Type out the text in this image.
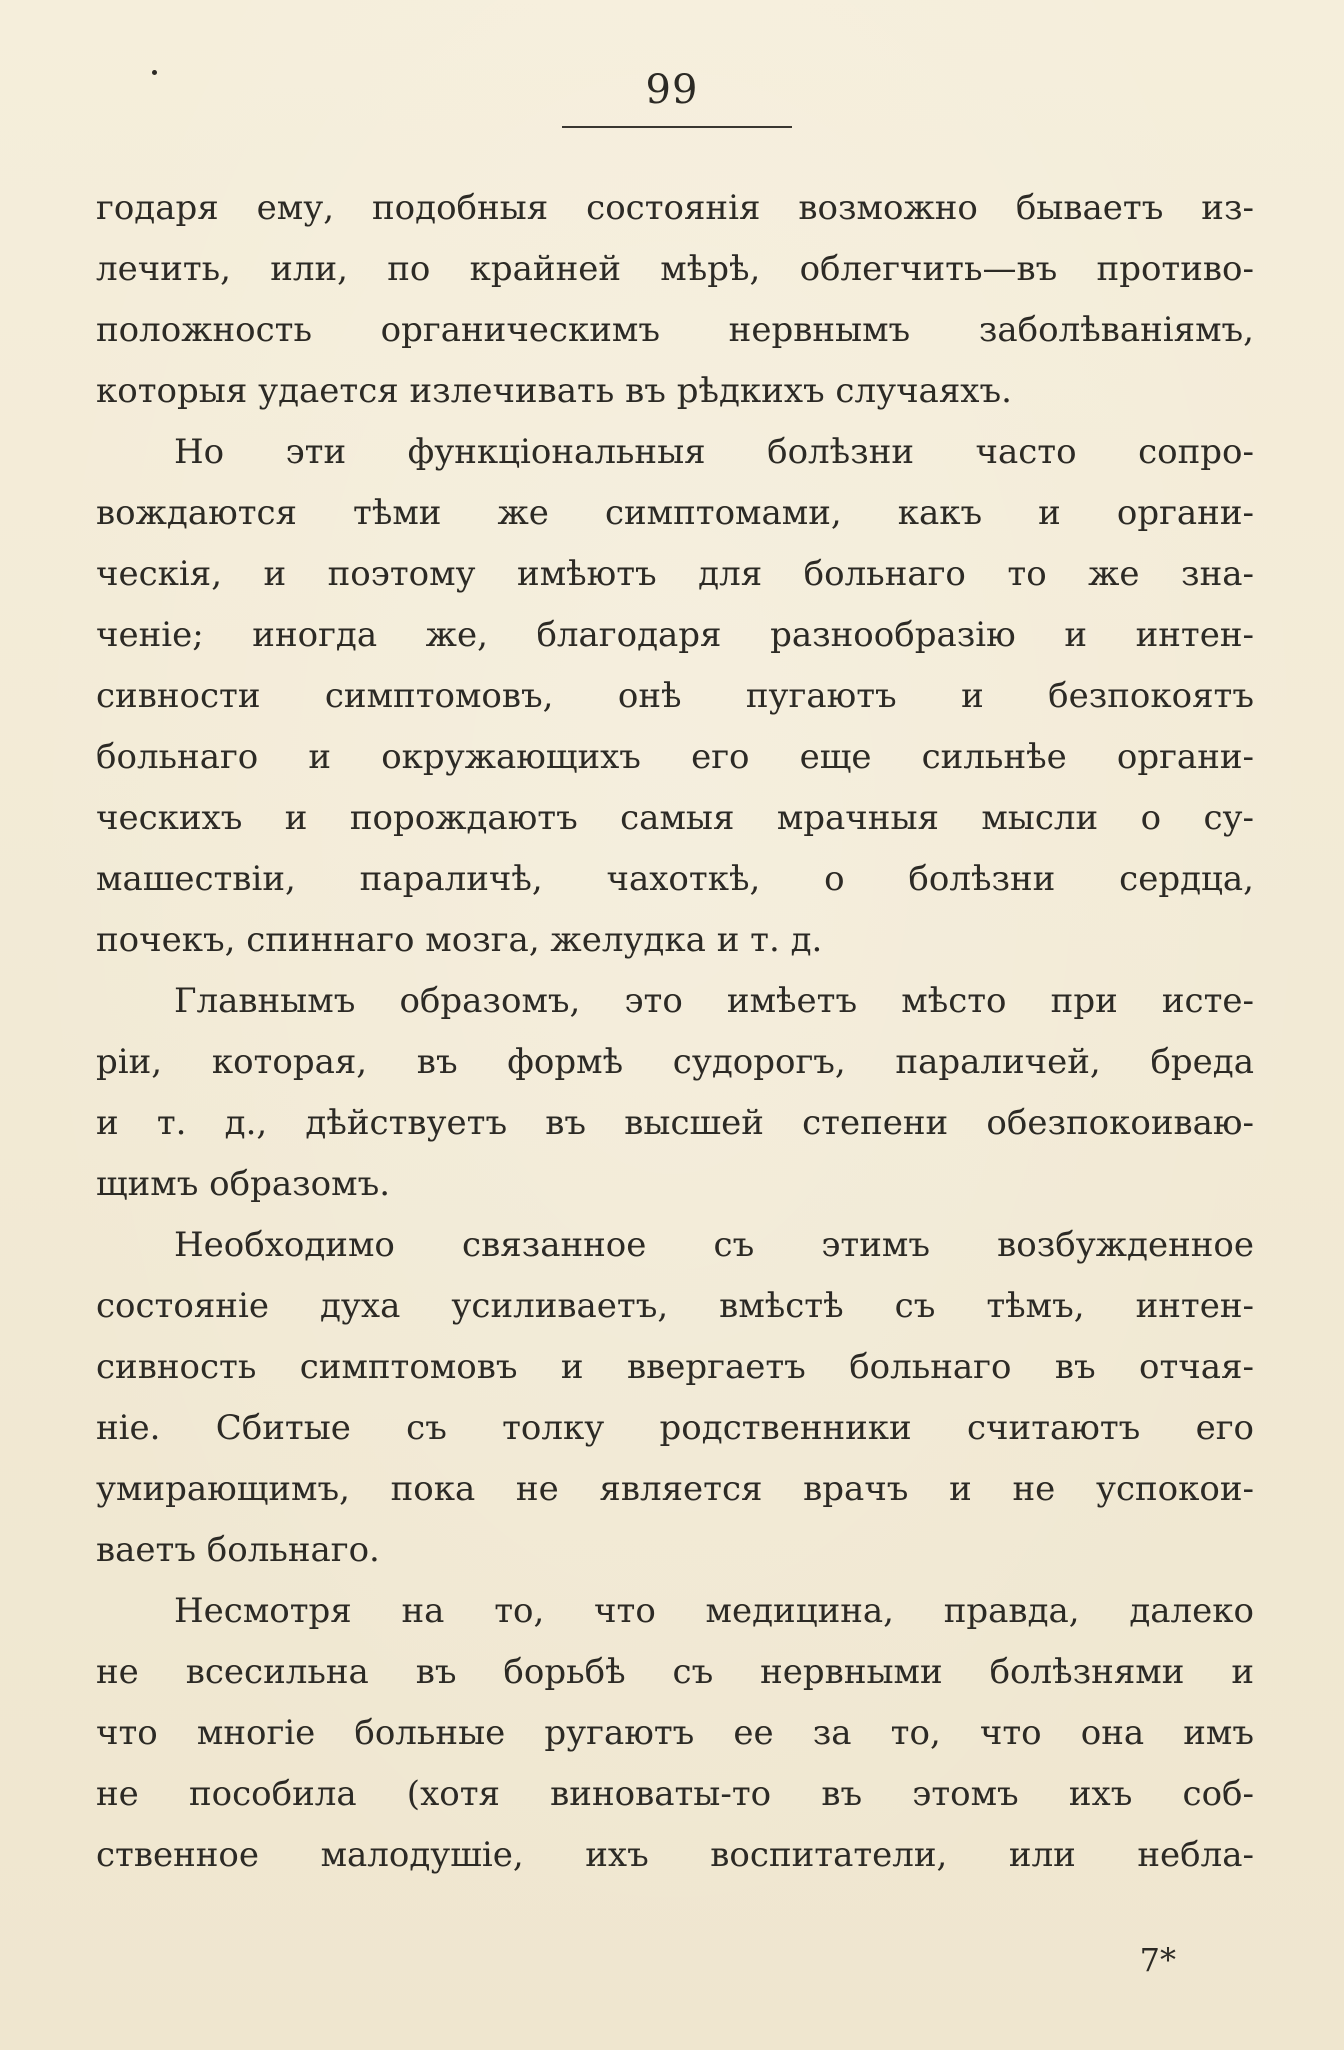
99
годаря ему, подобныя состоянія возможно бываетъ из-
лечить, или, по крайней мѣрѣ, облегчить—въ противо-
положность органическимъ нервнымъ заболѣваніямъ,
которыя удается излечивать въ рѣдкихъ случаяхъ.
Но эти функціональныя болѣзни часто сопро-
вождаются тѣми же симптомами, какъ и органи-
ческія, и поэтому имѣютъ для больнаго то же зна-
ченіе; иногда же, благодаря разнообразію и интен-
сивности симптомовъ, онѣ пугаютъ и безпокоятъ
больнаго и окружающихъ его еще сильнѣе органи-
ческихъ и порождаютъ самыя мрачныя мысли о су-
машествіи, параличѣ, чахоткѣ, о болѣзни сердца,
почекъ, спиннаго мозга, желудка и т. д.
Главнымъ образомъ, это имѣетъ мѣсто при исте-
ріи, которая, въ формѣ судорогъ, параличей, бреда
и т. д., дѣйствуетъ въ высшей степени обезпокоиваю-
щимъ образомъ.
Необходимо связанное съ этимъ возбужденное
состояніе духа усиливаетъ, вмѣстѣ съ тѣмъ, интен-
сивность симптомовъ и ввергаетъ больнаго въ отчая-
ніе. Сбитые съ толку родственники считаютъ его
умирающимъ, пока не является врачъ и не успокои-
ваетъ больнаго.
Несмотря на то, что медицина, правда, далеко
не всесильна въ борьбѣ съ нервными болѣзнями и
что многіе больные ругаютъ ее за то, что она имъ
не пособила (хотя виноваты-то въ этомъ ихъ соб-
ственное малодушіе, ихъ воспитатели, или небла-
7*
